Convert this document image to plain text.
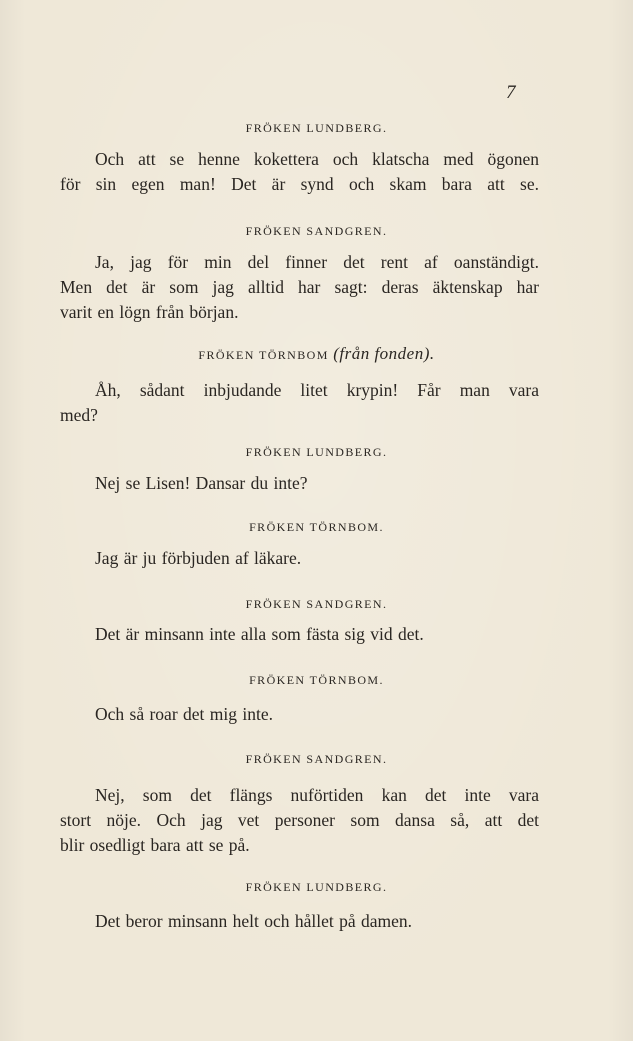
7
FRÖKEN LUNDBERG.
Och att se henne kokettera och klatscha med ögonen
för sin egen man! Det är synd och skam bara att se.
FRÖKEN SANDGREN.
Ja, jag för min del finner det rent af oanständigt.
Men det är som jag alltid har sagt: deras äktenskap har
varit en lögn från början.
FRÖKEN TÖRNBOM (från fonden).
Åh, sådant inbjudande litet krypin! Får man vara
med?
FRÖKEN LUNDBERG.
Nej se Lisen! Dansar du inte?
FRÖKEN TÖRNBOM.
Jag är ju förbjuden af läkare.
FRÖKEN SANDGREN.
Det är minsann inte alla som fästa sig vid det.
FRÖKEN TÖRNBOM.
Och så roar det mig inte.
FRÖKEN SANDGREN.
Nej, som det flängs nuförtiden kan det inte vara
stort nöje. Och jag vet personer som dansa så, att det
blir osedligt bara att se på.
FRÖKEN LUNDBERG.
Det beror minsann helt och hållet på damen.
